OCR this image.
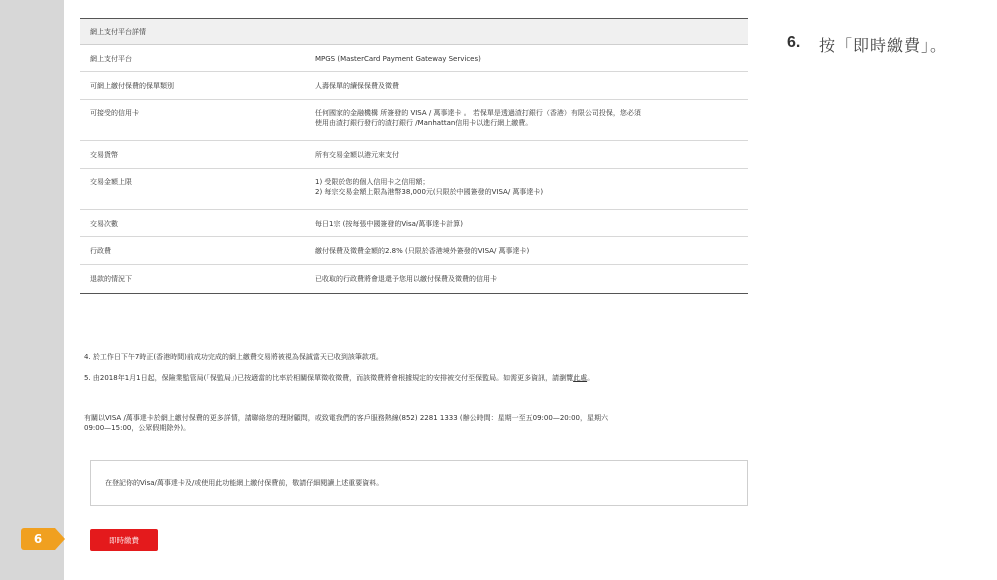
網上支付平台詳情
網上支付平台	MPGS (MasterCard Payment Gateway Services)
可網上繳付保費的保單類別	人壽保單的續保保費及徵費
可接受的信用卡	任何國家的金融機構 所簽發的 VISA / 萬事達卡 。 若保單是透過渣打銀行（香港）有限公司投保，您必須
使用由渣打銀行發行的渣打銀行 /Manhattan信用卡以進行網上繳費。
交易貨幣	所有交易金額以港元來支付
交易金額上限	1) 受限於您的個人信用卡之信用額；
2) 每宗交易金額上限為港幣38,000元(只限於中國簽發的VISA/ 萬事達卡)
交易次數	每日1宗 (按每張中國簽發的Visa/萬事達卡計算)
行政費	繳付保費及徵費金額的2.8% (只限於香港境外簽發的VISA/ 萬事達卡)
退款的情況下	已收取的行政費將會退還予您用以繳付保費及徵費的信用卡
4. 於工作日下午7時正(香港時間)前成功完成的網上繳費交易將被視為保誠當天已收到該筆款項。
5. 由2018年1月1日起，保險業監管局(「保監局」)已按適當的比率於相關保單徵收徵費，而該徵費將會根據規定的安排被交付至保監局。如需更多資訊，請瀏覽此處。
有關以VISA /萬事達卡於網上繳付保費的更多詳情，請聯絡您的理財顧問，或致電我們的客戶服務熱線(852) 2281 1333 (辦公時間：星期一至五09:00—20:00，星期六
09:00—15:00，公眾假期除外)。
在登記你的Visa/萬事達卡及/或使用此功能網上繳付保費前，敬請仔細閱讀上述重要資料。
即時繳費
6
6. 按「即時繳費」。
